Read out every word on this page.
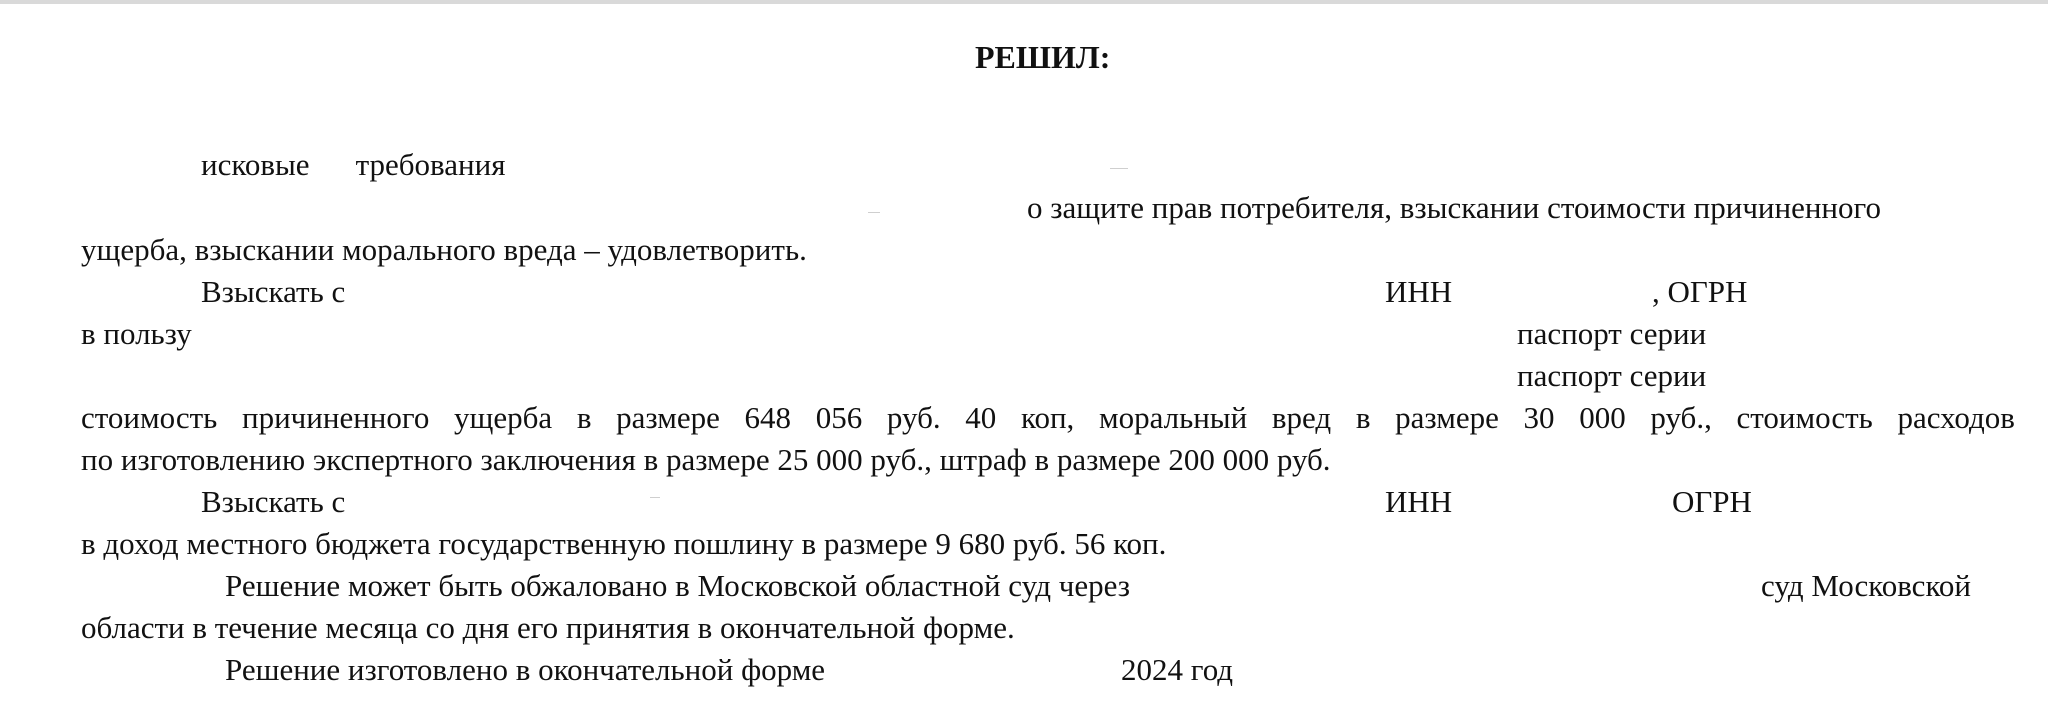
РЕШИЛ:
исковые требования
о защите прав потребителя, взыскании стоимости причиненного
ущерба, взыскании морального вреда – удовлетворить.
Взыскать с	ИНН	, ОГРН
в пользу	паспорт серии
паспорт серии
стоимость причиненного ущерба в размере 648 056 руб. 40 коп, моральный вред в размере 30 000 руб., стоимость расходов
по изготовлению экспертного заключения в размере 25 000 руб., штраф в размере 200 000 руб.
Взыскать с	ИНН	ОГРН
в доход местного бюджета государственную пошлину в размере 9 680 руб. 56 коп.
Решение может быть обжаловано в Московской областной суд через	суд Московской
области в течение месяца со дня его принятия в окончательной форме.
Решение изготовлено в окончательной форме	2024 год
